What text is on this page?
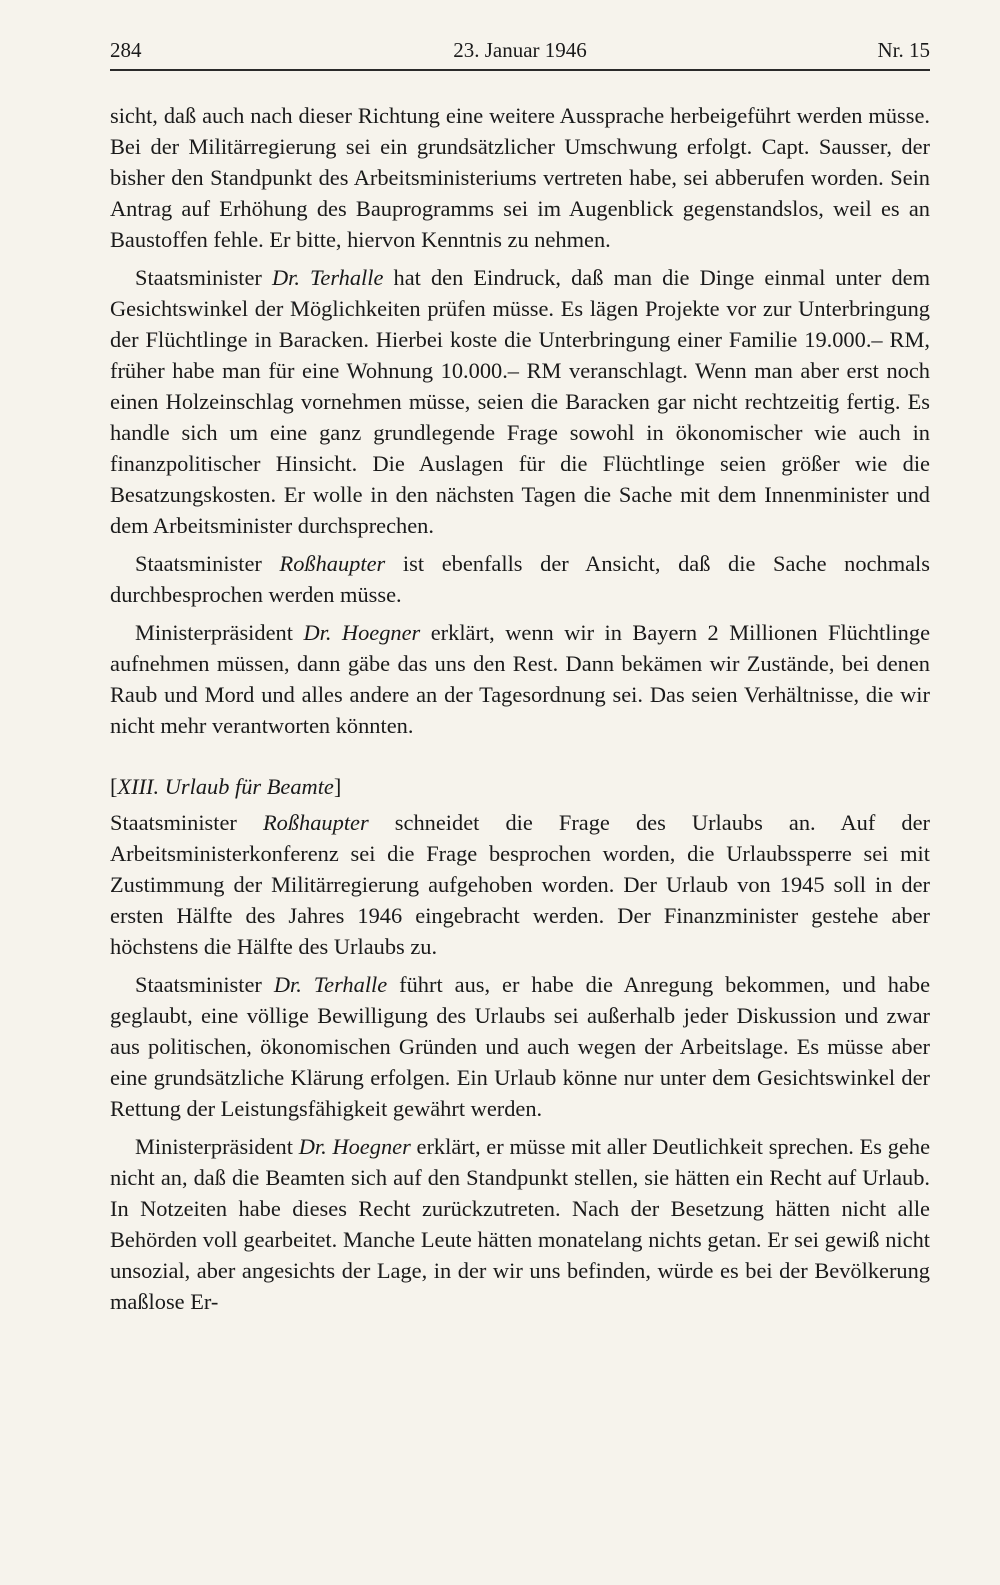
284	23. Januar 1946	Nr. 15

sicht, daß auch nach dieser Richtung eine weitere Aussprache herbeigeführt werden müsse. Bei der Militärregierung sei ein grundsätzlicher Umschwung erfolgt. Capt. Sausser, der bisher den Standpunkt des Arbeitsministeriums vertreten habe, sei abberufen worden. Sein Antrag auf Erhöhung des Bauprogramms sei im Augenblick gegenstandslos, weil es an Baustoffen fehle. Er bitte, hiervon Kenntnis zu nehmen.

Staatsminister Dr. Terhalle hat den Eindruck, daß man die Dinge einmal unter dem Gesichtswinkel der Möglichkeiten prüfen müsse. Es lägen Projekte vor zur Unterbringung der Flüchtlinge in Baracken. Hierbei koste die Unterbringung einer Familie 19.000.– RM, früher habe man für eine Wohnung 10.000.– RM veranschlagt. Wenn man aber erst noch einen Holzeinschlag vornehmen müsse, seien die Baracken gar nicht rechtzeitig fertig. Es handle sich um eine ganz grundlegende Frage sowohl in ökonomischer wie auch in finanzpolitischer Hinsicht. Die Auslagen für die Flüchtlinge seien größer wie die Besatzungskosten. Er wolle in den nächsten Tagen die Sache mit dem Innenminister und dem Arbeitsminister durchsprechen.

Staatsminister Roßhaupter ist ebenfalls der Ansicht, daß die Sache nochmals durchbesprochen werden müsse.

Ministerpräsident Dr. Hoegner erklärt, wenn wir in Bayern 2 Millionen Flüchtlinge aufnehmen müssen, dann gäbe das uns den Rest. Dann bekämen wir Zustände, bei denen Raub und Mord und alles andere an der Tagesordnung sei. Das seien Verhältnisse, die wir nicht mehr verantworten könnten.

[XIII. Urlaub für Beamte]

Staatsminister Roßhaupter schneidet die Frage des Urlaubs an. Auf der Arbeitsministerkonferenz sei die Frage besprochen worden, die Urlaubssperre sei mit Zustimmung der Militärregierung aufgehoben worden. Der Urlaub von 1945 soll in der ersten Hälfte des Jahres 1946 eingebracht werden. Der Finanzminister gestehe aber höchstens die Hälfte des Urlaubs zu.

Staatsminister Dr. Terhalle führt aus, er habe die Anregung bekommen, und habe geglaubt, eine völlige Bewilligung des Urlaubs sei außerhalb jeder Diskussion und zwar aus politischen, ökonomischen Gründen und auch wegen der Arbeitslage. Es müsse aber eine grundsätzliche Klärung erfolgen. Ein Urlaub könne nur unter dem Gesichtswinkel der Rettung der Leistungsfähigkeit gewährt werden.

Ministerpräsident Dr. Hoegner erklärt, er müsse mit aller Deutlichkeit sprechen. Es gehe nicht an, daß die Beamten sich auf den Standpunkt stellen, sie hätten ein Recht auf Urlaub. In Notzeiten habe dieses Recht zurückzutreten. Nach der Besetzung hätten nicht alle Behörden voll gearbeitet. Manche Leute hätten monatelang nichts getan. Er sei gewiß nicht unsozial, aber angesichts der Lage, in der wir uns befinden, würde es bei der Bevölkerung maßlose Er-
